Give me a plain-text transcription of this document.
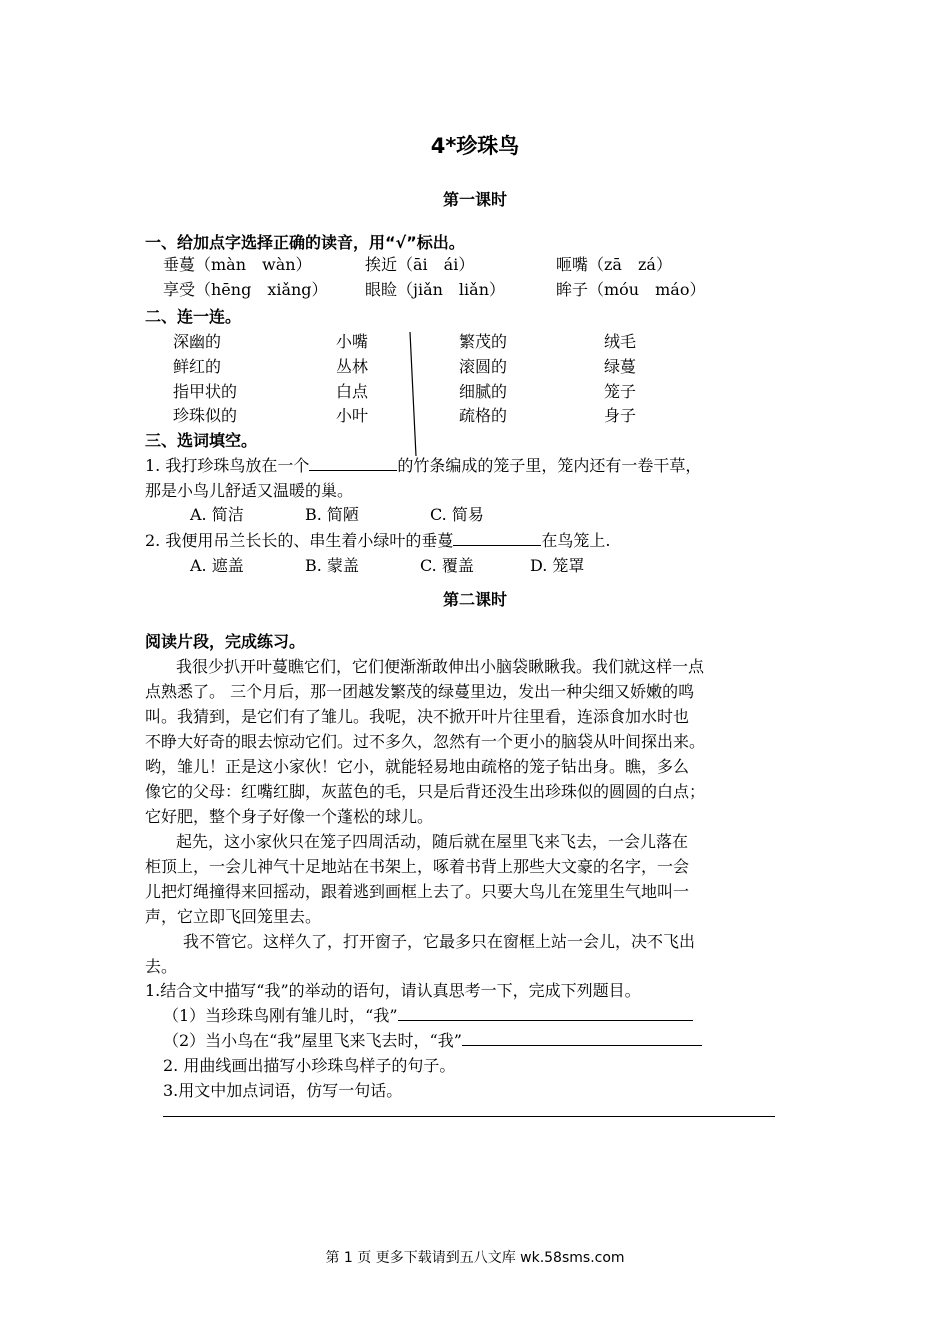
4*珍珠鸟
第一课时
一、给加点字选择正确的读音，用“√”标出。
垂蔓（màn　wàn）	挨近（āi　ái）	咂嘴（zā　zá）
享受（hēng　xiǎng） 眼睑（jiǎn　liǎn）	眸子（móu　máo）
二、连一连。
深幽的	小嘴	繁茂的	绒毛
鲜红的	丛林	滚圆的	绿蔓
指甲状的	白点	细腻的	笼子
珍珠似的	小叶	疏格的	身子
三、选词填空。
1. 我打珍珠鸟放在一个	的竹条编成的笼子里，笼内还有一卷干草，
那是小鸟儿舒适又温暖的巢。
A. 简洁	B. 简陋	C. 简易
2. 我便用吊兰长长的、串生着小绿叶的垂蔓	在鸟笼上.
A. 遮盖	B. 蒙盖	C. 覆盖	D. 笼罩
第二课时
阅读片段，完成练习。
我很少扒开叶蔓瞧它们，它们便渐渐敢伸出小脑袋瞅瞅我。我们就这样一点
点熟悉了。 三个月后，那一团越发繁茂的绿蔓里边，发出一种尖细又娇嫩的鸣
叫。我猜到，是它们有了雏儿。我呢，决不掀开叶片往里看，连添食加水时也
不睁大好奇的眼去惊动它们。过不多久，忽然有一个更小的脑袋从叶间探出来。
哟，雏儿！正是这小家伙！它小，就能轻易地由疏格的笼子钻出身。瞧，多么
像它的父母：红嘴红脚，灰蓝色的毛，只是后背还没生出珍珠似的圆圆的白点；
它好肥，整个身子好像一个蓬松的球儿。
起先，这小家伙只在笼子四周活动，随后就在屋里飞来飞去，一会儿落在
柜顶上，一会儿神气十足地站在书架上，啄着书背上那些大文豪的名字，一会
儿把灯绳撞得来回摇动，跟着逃到画框上去了。只要大鸟儿在笼里生气地叫一
声，它立即飞回笼里去。
我不管它。这样久了，打开窗子，它最多只在窗框上站一会儿，决不飞出
去。
1.结合文中描写“我”的举动的语句，请认真思考一下，完成下列题目。
（1）当珍珠鸟刚有雏儿时，“我”
（2）当小鸟在“我”屋里飞来飞去时，“我”
2. 用曲线画出描写小珍珠鸟样子的句子。
3.用文中加点词语，仿写一句话。
第 1 页 更多下载请到五八文库 wk.58sms.com
